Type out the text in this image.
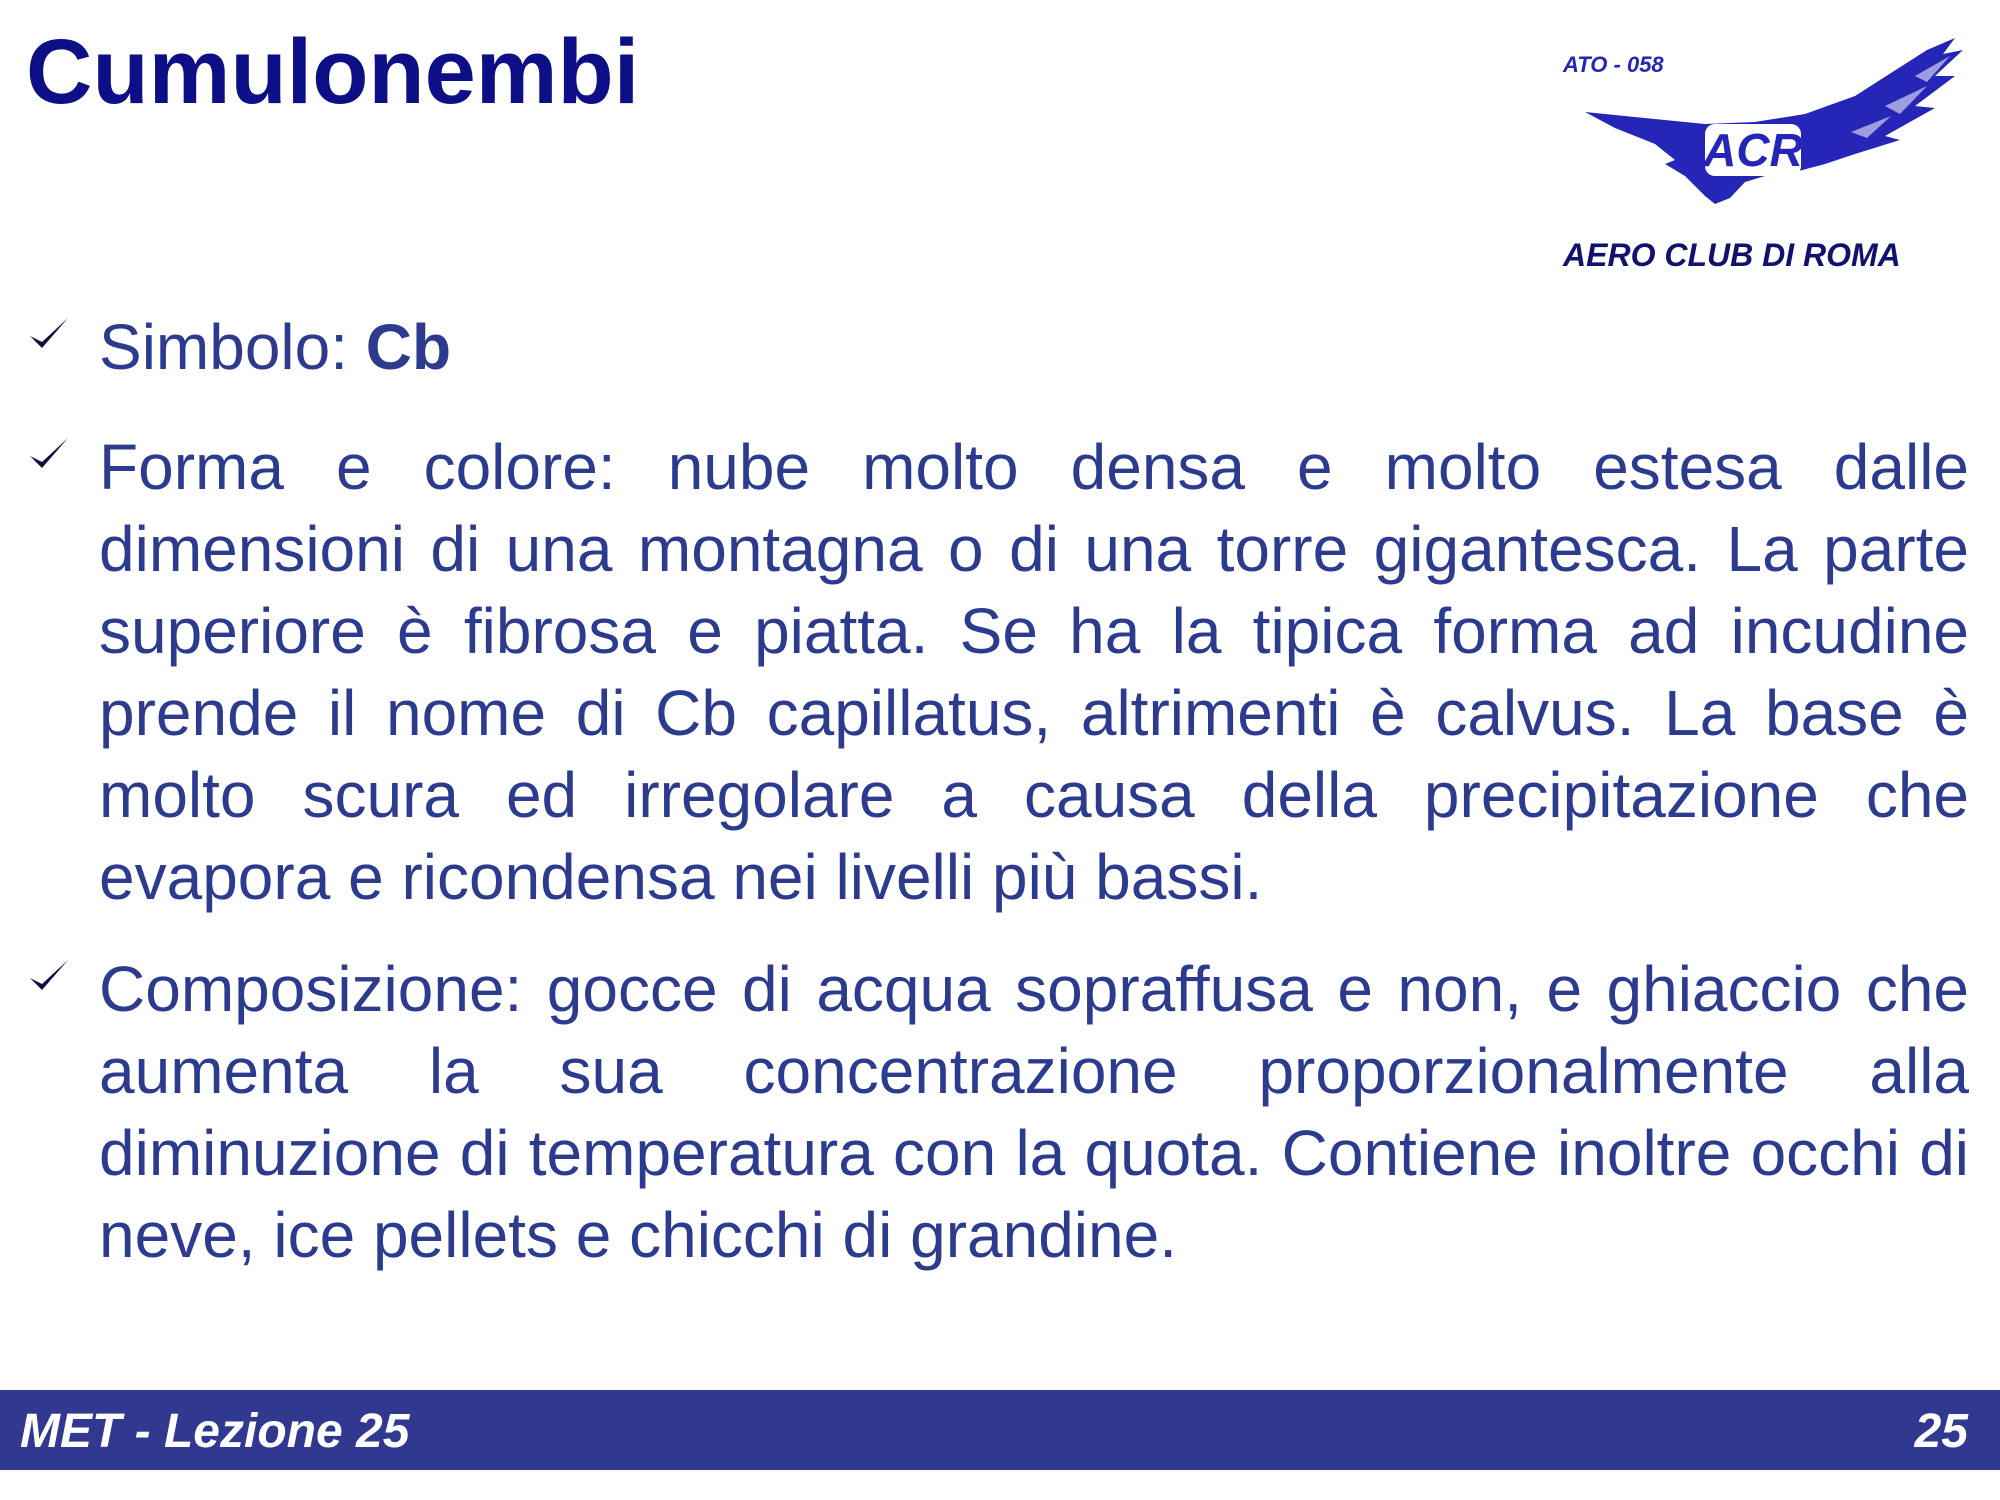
Cumulonembi	ATO - 058
ACR
AERO CLUB DI ROMA
Simbolo: Cb
Forma e colore: nube molto densa e molto estesa dalle dimensioni di una montagna o di una torre gigantesca. La parte superiore è fibrosa e piatta. Se ha la tipica forma ad incudine prende il nome di Cb capillatus, altrimenti è calvus. La base è molto scura ed irregolare a causa della precipitazione che evapora e ricondensa nei livelli più bassi.
Composizione: gocce di acqua sopraffusa e non, e ghiaccio che aumenta la sua concentrazione proporzionalmente alla diminuzione di temperatura con la quota. Contiene inoltre occhi di neve, ice pellets e chicchi di grandine.
MET - Lezione 25	25
